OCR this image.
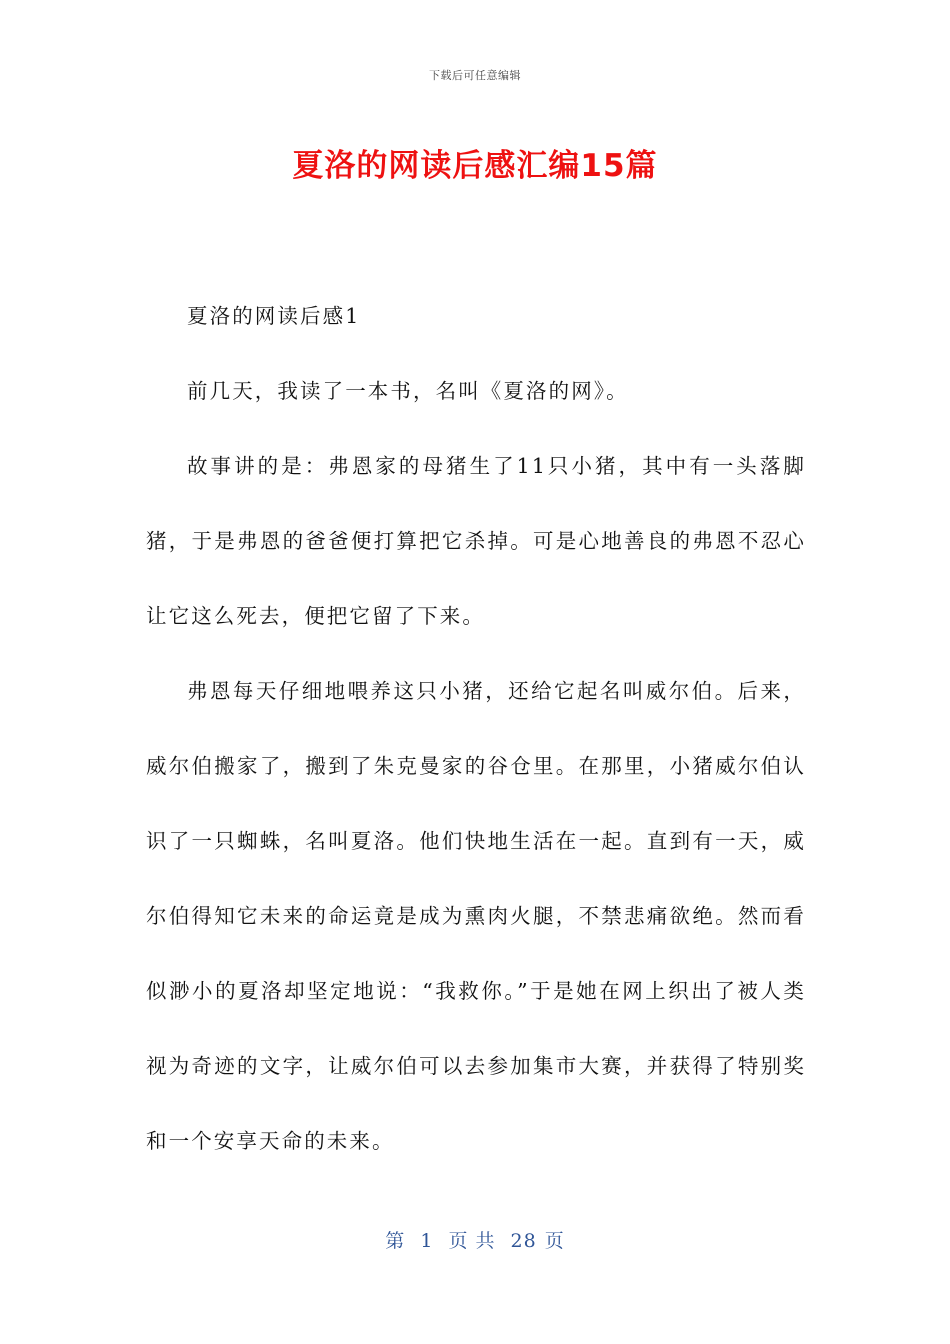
下载后可任意编辑
夏洛的网读后感汇编15篇

夏洛的网读后感1

前几天，我读了一本书，名叫《夏洛的网》。

故事讲的是：弗恩家的母猪生了11只小猪，其中有一头落脚猪，于是弗恩的爸爸便打算把它杀掉。可是心地善良的弗恩不忍心让它这么死去，便把它留了下来。

弗恩每天仔细地喂养这只小猪，还给它起名叫威尔伯。后来，威尔伯搬家了，搬到了朱克曼家的谷仓里。在那里，小猪威尔伯认识了一只蜘蛛，名叫夏洛。他们快地生活在一起。直到有一天，威尔伯得知它未来的命运竟是成为熏肉火腿，不禁悲痛欲绝。然而看似渺小的夏洛却坚定地说：“我救你。”于是她在网上织出了被人类视为奇迹的文字，让威尔伯可以去参加集市大赛，并获得了特别奖和一个安享天命的未来。

第 1 页 共 28 页
